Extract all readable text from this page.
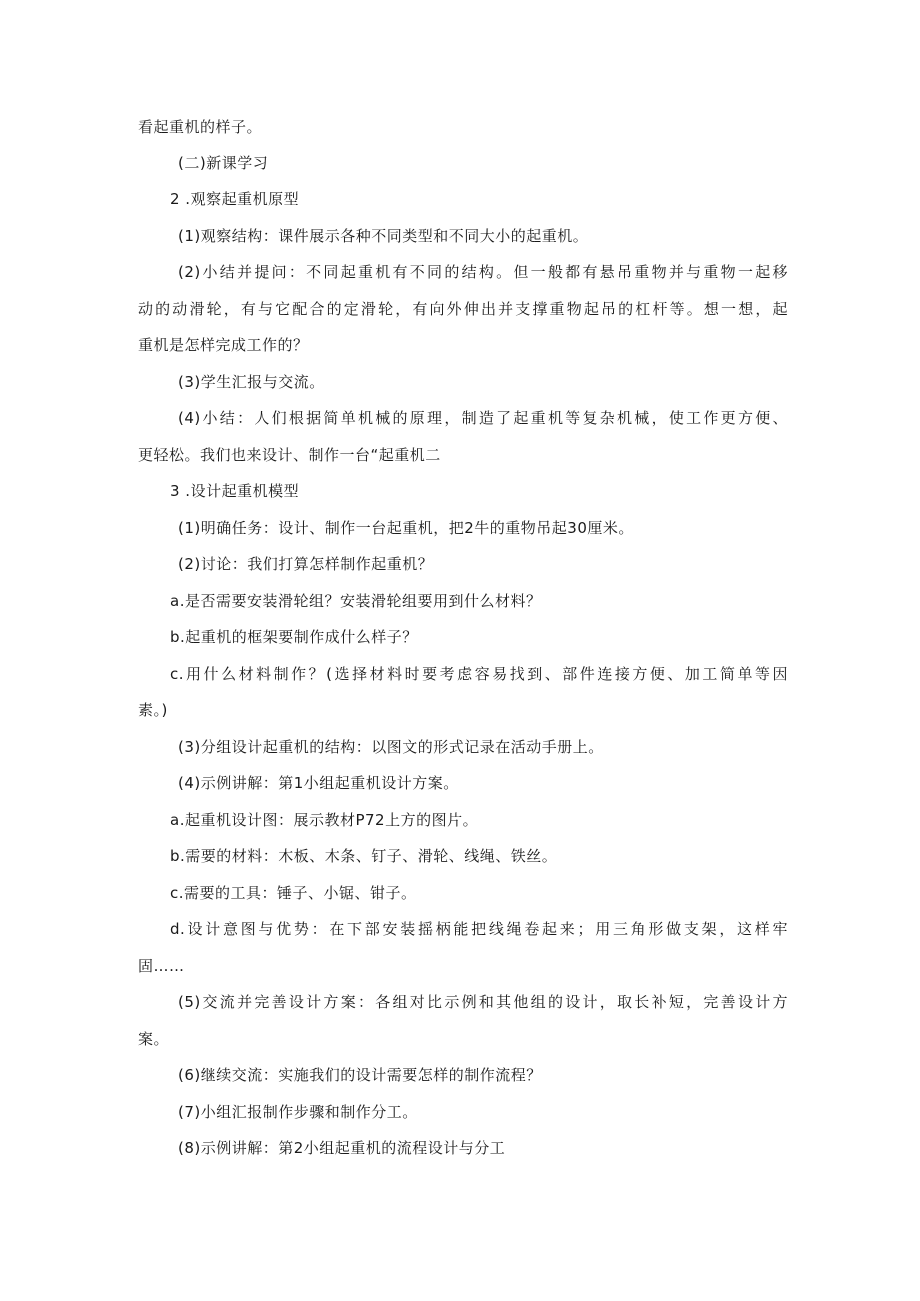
看起重机的样子。
(二)新课学习
2 .观察起重机原型
(1)观察结构：课件展示各种不同类型和不同大小的起重机。
(2)小结并提问：不同起重机有不同的结构。但一般都有悬吊重物并与重物一起移
动的动滑轮，有与它配合的定滑轮，有向外伸出并支撑重物起吊的杠杆等。想一想，起
重机是怎样完成工作的？
(3)学生汇报与交流。
(4)小结：人们根据简单机械的原理，制造了起重机等复杂机械，使工作更方便、
更轻松。我们也来设计、制作一台“起重机二
3 .设计起重机模型
(1)明确任务：设计、制作一台起重机，把2牛的重物吊起30厘米。
(2)讨论：我们打算怎样制作起重机？
a.是否需要安装滑轮组？安装滑轮组要用到什么材料？
b.起重机的框架要制作成什么样子？
c.用什么材料制作？(选择材料时要考虑容易找到、部件连接方便、加工简单等因
素。)
(3)分组设计起重机的结构：以图文的形式记录在活动手册上。
(4)示例讲解：第1小组起重机设计方案。
a.起重机设计图：展示教材P72上方的图片。
b.需要的材料：木板、木条、钉子、滑轮、线绳、铁丝。
c.需要的工具：锤子、小锯、钳子。
d.设计意图与优势：在下部安装摇柄能把线绳卷起来；用三角形做支架，这样牢
固……
(5)交流并完善设计方案：各组对比示例和其他组的设计，取长补短，完善设计方
案。
(6)继续交流：实施我们的设计需要怎样的制作流程？
(7)小组汇报制作步骤和制作分工。
(8)示例讲解：第2小组起重机的流程设计与分工
